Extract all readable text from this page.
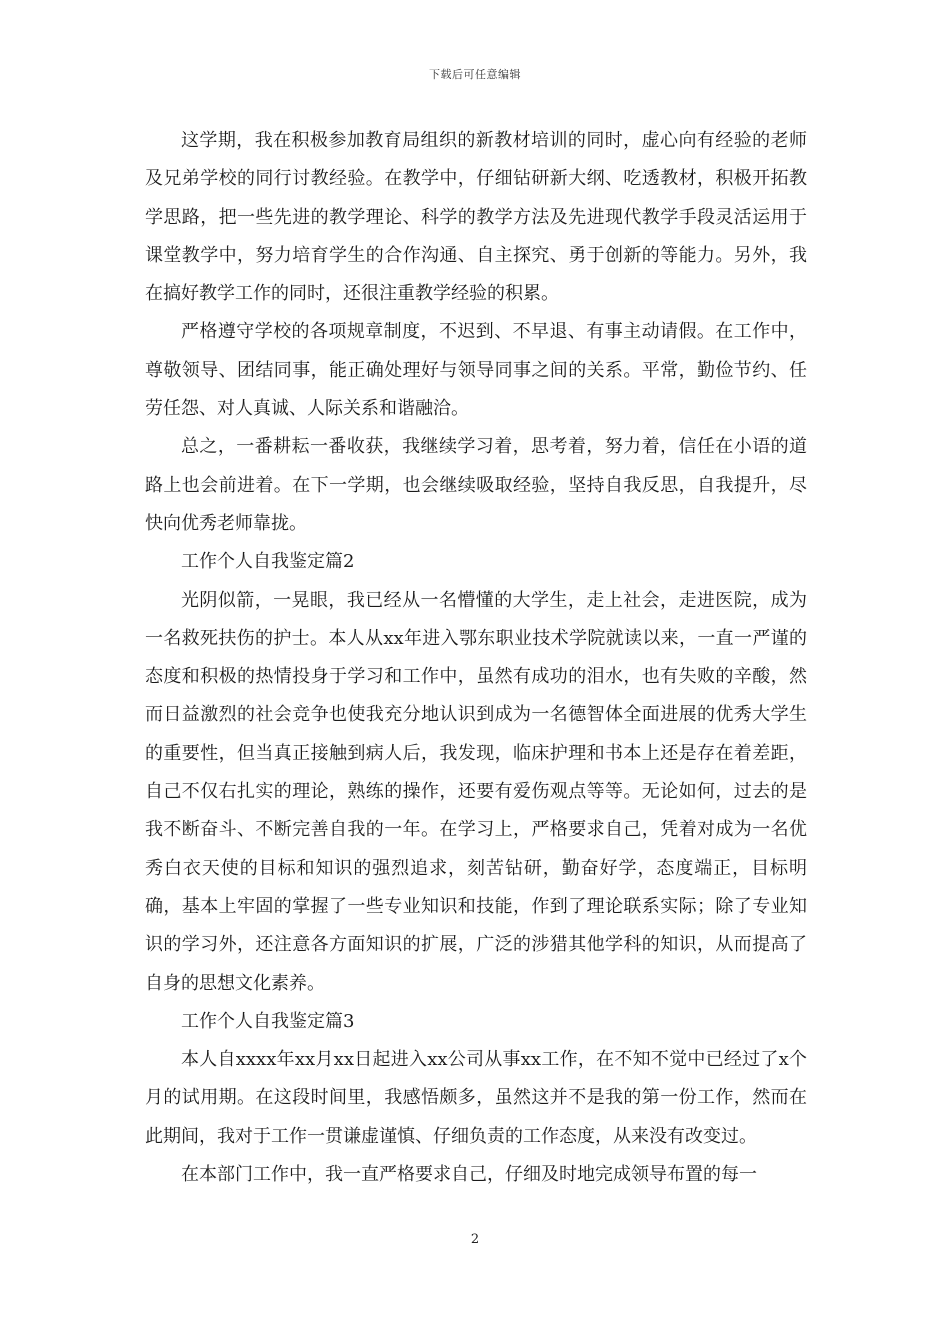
下载后可任意编辑

这学期，我在积极参加教育局组织的新教材培训的同时，虚心向有经验的老师及兄弟学校的同行讨教经验。在教学中，仔细钻研新大纲、吃透教材，积极开拓教学思路，把一些先进的教学理论、科学的教学方法及先进现代教学手段灵活运用于课堂教学中，努力培育学生的合作沟通、自主探究、勇于创新的等能力。另外，我在搞好教学工作的同时，还很注重教学经验的积累。

严格遵守学校的各项规章制度，不迟到、不早退、有事主动请假。在工作中，尊敬领导、团结同事，能正确处理好与领导同事之间的关系。平常，勤俭节约、任劳任怨、对人真诚、人际关系和谐融洽。

总之，一番耕耘一番收获，我继续学习着，思考着，努力着，信任在小语的道路上也会前进着。在下一学期，也会继续吸取经验，坚持自我反思，自我提升，尽快向优秀老师靠拢。

工作个人自我鉴定篇2

光阴似箭，一晃眼，我已经从一名懵懂的大学生，走上社会，走进医院，成为一名救死扶伤的护士。本人从xx年进入鄂东职业技术学院就读以来，一直一严谨的态度和积极的热情投身于学习和工作中，虽然有成功的泪水，也有失败的辛酸，然而日益激烈的社会竞争也使我充分地认识到成为一名德智体全面进展的优秀大学生的重要性，但当真正接触到病人后，我发现，临床护理和书本上还是存在着差距，自己不仅右扎实的理论，熟练的操作，还要有爱伤观点等等。无论如何，过去的是我不断奋斗、不断完善自我的一年。在学习上，严格要求自己，凭着对成为一名优秀白衣天使的目标和知识的强烈追求，刻苦钻研，勤奋好学，态度端正，目标明确，基本上牢固的掌握了一些专业知识和技能，作到了理论联系实际；除了专业知识的学习外，还注意各方面知识的扩展，广泛的涉猎其他学科的知识，从而提高了自身的思想文化素养。

工作个人自我鉴定篇3

本人自xxxx年xx月xx日起进入xx公司从事xx工作，在不知不觉中已经过了x个月的试用期。在这段时间里，我感悟颇多，虽然这并不是我的第一份工作，然而在此期间，我对于工作一贯谦虚谨慎、仔细负责的工作态度，从来没有改变过。

在本部门工作中，我一直严格要求自己，仔细及时地完成领导布置的每一

2
